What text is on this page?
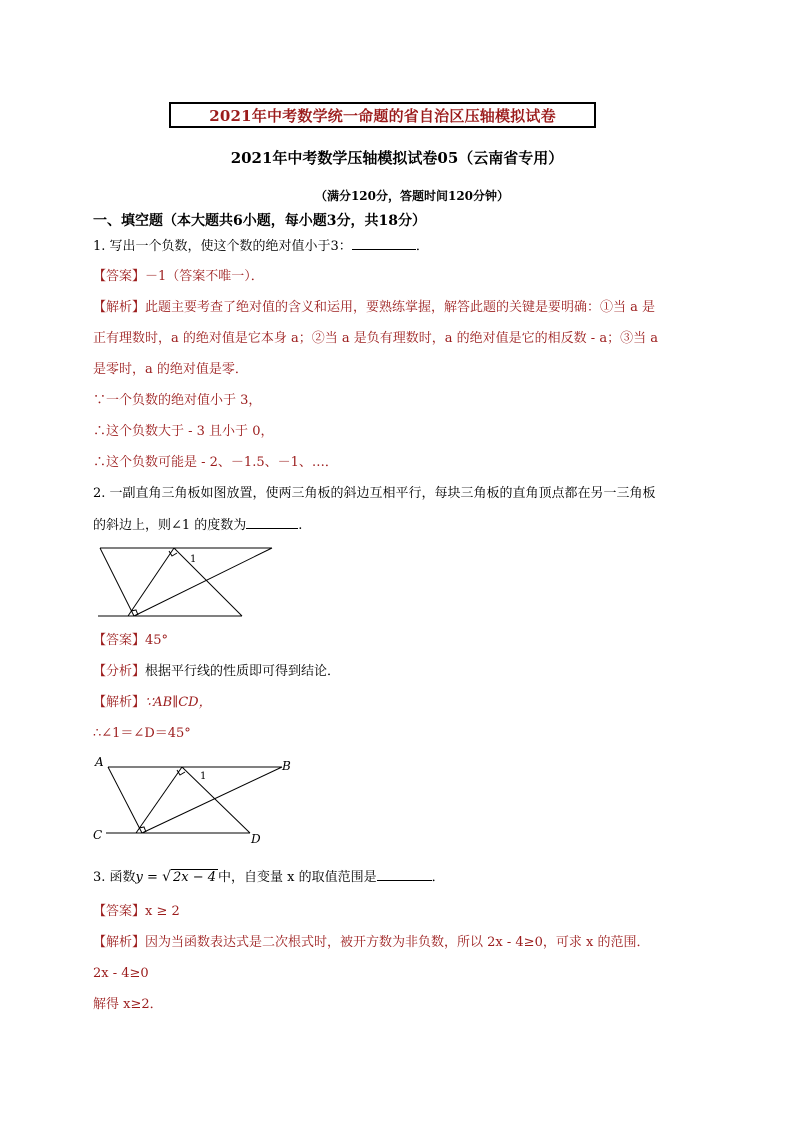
2021年中考数学统一命题的省自治区压轴模拟试卷
2021年中考数学压轴模拟试卷05（云南省专用）
（满分120分，答题时间120分钟）
一、填空题（本大题共6小题，每小题3分，共18分）
1. 写出一个负数，使这个数的绝对值小于3：	．
【答案】－1（答案不唯一）．
【解析】此题主要考查了绝对值的含义和运用，要熟练掌握，解答此题的关键是要明确：①当 a 是
正有理数时，a 的绝对值是它本身 a；②当 a 是负有理数时，a 的绝对值是它的相反数 - a；③当 a
是零时，a 的绝对值是零．
∵一个负数的绝对值小于 3，
∴这个负数大于 - 3 且小于 0，
∴这个负数可能是 - 2、－1.5、－1、…．
2. 一副直角三角板如图放置，使两三角板的斜边互相平行，每块三角板的直角顶点都在另一三角板
的斜边上，则∠1 的度数为	.
1
【答案】45°
【分析】根据平行线的性质即可得到结论．
【解析】∵AB∥CD，
∴∠1＝∠D＝45°
A	B
C	D
1
3. 函数y = √ 2x − 4 中，自变量 x 的取值范围是	．
【答案】x ≥ 2
【解析】因为当函数表达式是二次根式时，被开方数为非负数，所以 2x - 4≥0，可求 x 的范围．
2x - 4≥0
解得 x≥2．
